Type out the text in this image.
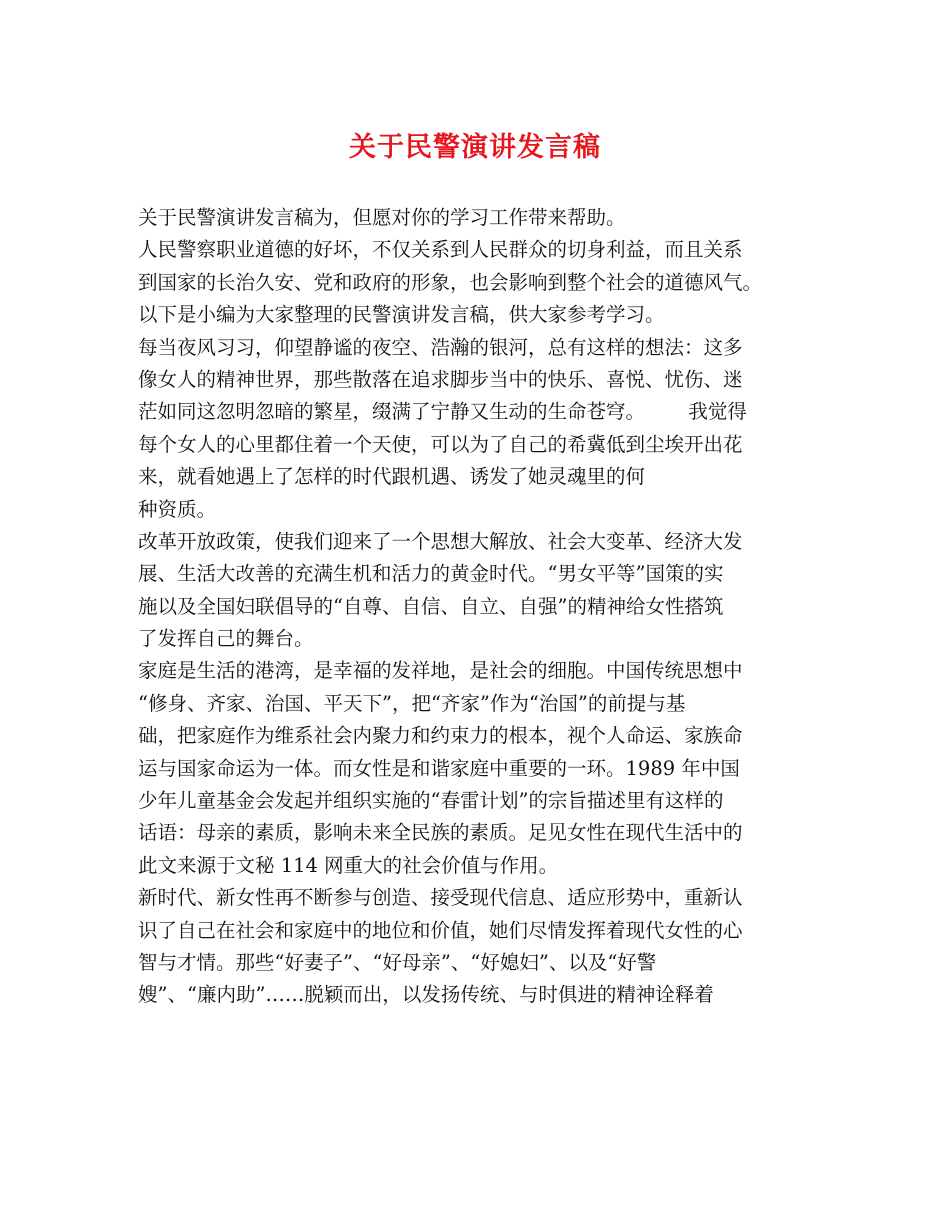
关于民警演讲发言稿
关于民警演讲发言稿为，但愿对你的学习工作带来帮助。
人民警察职业道德的好坏，不仅关系到人民群众的切身利益，而且关系
到国家的长治久安、党和政府的形象，也会影响到整个社会的道德风气。
以下是小编为大家整理的民警演讲发言稿，供大家参考学习。
每当夜风习习，仰望静谧的夜空、浩瀚的银河，总有这样的想法：这多
像女人的精神世界，那些散落在追求脚步当中的快乐、喜悦、忧伤、迷
茫如同这忽明忽暗的繁星，缀满了宁静又生动的生命苍穹。       我觉得
每个女人的心里都住着一个天使，可以为了自己的希冀低到尘埃开出花
来，就看她遇上了怎样的时代跟机遇、诱发了她灵魂里的何
种资质。
改革开放政策，使我们迎来了一个思想大解放、社会大变革、经济大发
展、生活大改善的充满生机和活力的黄金时代。“男女平等”国策的实
施以及全国妇联倡导的“自尊、自信、自立、自强”的精神给女性搭筑
了发挥自己的舞台。
家庭是生活的港湾，是幸福的发祥地，是社会的细胞。中国传统思想中
“修身、齐家、治国、平天下”，把“齐家”作为“治国”的前提与基
础，把家庭作为维系社会内聚力和约束力的根本，视个人命运、家族命
运与国家命运为一体。而女性是和谐家庭中重要的一环。1989 年中国
少年儿童基金会发起并组织实施的“春雷计划”的宗旨描述里有这样的
话语：母亲的素质，影响未来全民族的素质。足见女性在现代生活中的
此文来源于文秘 114 网重大的社会价值与作用。
新时代、新女性再不断参与创造、接受现代信息、适应形势中，重新认
识了自己在社会和家庭中的地位和价值，她们尽情发挥着现代女性的心
智与才情。那些“好妻子”、“好母亲”、“好媳妇”、以及“好警
嫂”、“廉内助”……脱颖而出，以发扬传统、与时俱进的精神诠释着
